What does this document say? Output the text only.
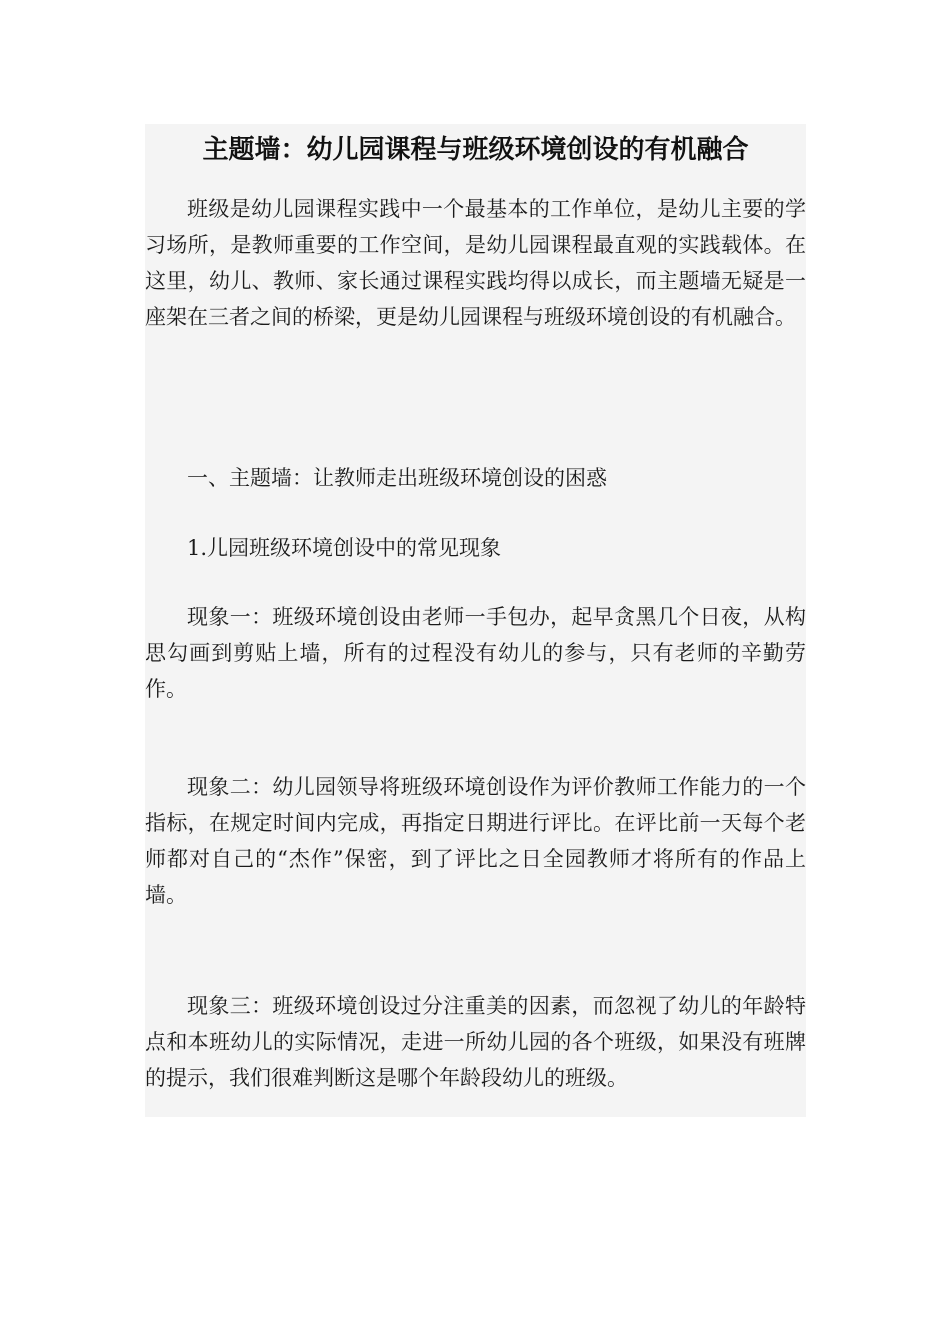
主题墙：幼儿园课程与班级环境创设的有机融合

班级是幼儿园课程实践中一个最基本的工作单位，是幼儿主要的学习场所，是教师重要的工作空间，是幼儿园课程最直观的实践载体。在这里，幼儿、教师、家长通过课程实践均得以成长，而主题墙无疑是一座架在三者之间的桥梁，更是幼儿园课程与班级环境创设的有机融合。

一、主题墙：让教师走出班级环境创设的困惑

1.儿园班级环境创设中的常见现象

现象一：班级环境创设由老师一手包办，起早贪黑几个日夜，从构思勾画到剪贴上墙，所有的过程没有幼儿的参与，只有老师的辛勤劳作。

现象二：幼儿园领导将班级环境创设作为评价教师工作能力的一个指标，在规定时间内完成，再指定日期进行评比。在评比前一天每个老师都对自己的“杰作”保密，到了评比之日全园教师才将所有的作品上墙。

现象三：班级环境创设过分注重美的因素，而忽视了幼儿的年龄特点和本班幼儿的实际情况，走进一所幼儿园的各个班级，如果没有班牌的提示，我们很难判断这是哪个年龄段幼儿的班级。
